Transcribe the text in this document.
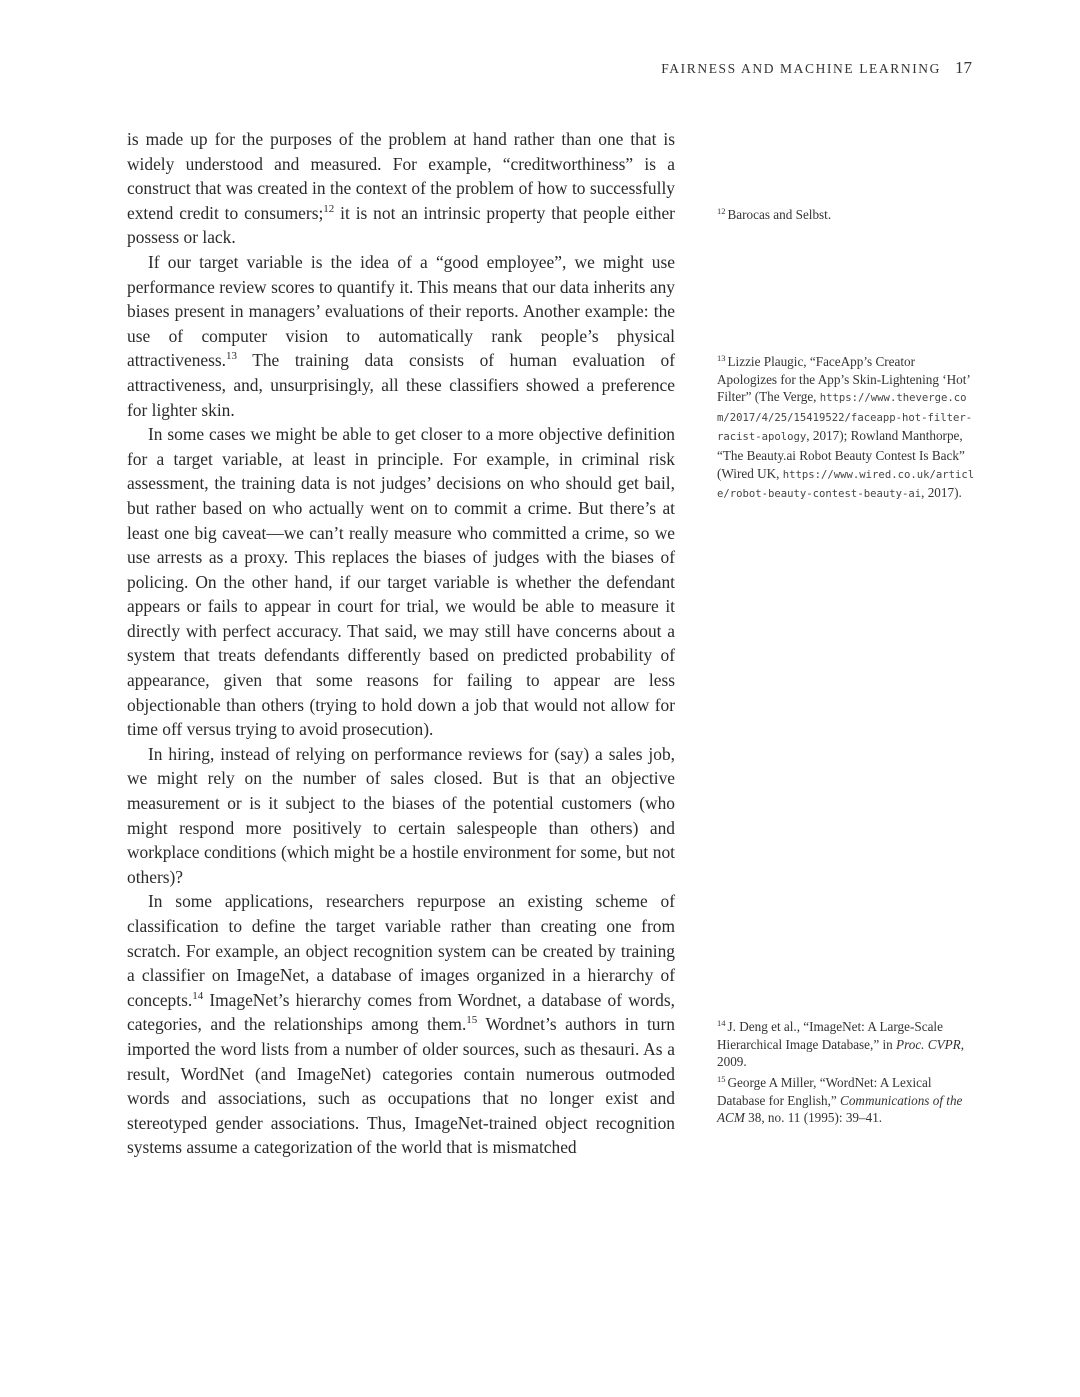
FAIRNESS AND MACHINE LEARNING 17

is made up for the purposes of the problem at hand rather than one that is widely understood and measured. For example, “creditworthiness” is a construct that was created in the context of the problem of how to successfully extend credit to consumers;$^{12}$ it is not an intrinsic property that people either possess or lack.

If our target variable is the idea of a “good employee”, we might use performance review scores to quantify it. This means that our data inherits any biases present in managers’ evaluations of their reports. Another example: the use of computer vision to automatically rank people’s physical attractiveness.$^{13}$ The training data consists of human evaluation of attractiveness, and, unsurprisingly, all these classifiers showed a preference for lighter skin.

In some cases we might be able to get closer to a more objective definition for a target variable, at least in principle. For example, in criminal risk assessment, the training data is not judges’ decisions on who should get bail, but rather based on who actually went on to commit a crime. But there’s at least one big caveat—we can’t really measure who committed a crime, so we use arrests as a proxy. This replaces the biases of judges with the biases of policing. On the other hand, if our target variable is whether the defendant appears or fails to appear in court for trial, we would be able to measure it directly with perfect accuracy. That said, we may still have concerns about a system that treats defendants differently based on predicted probability of appearance, given that some reasons for failing to appear are less objectionable than others (trying to hold down a job that would not allow for time off versus trying to avoid prosecution).

In hiring, instead of relying on performance reviews for (say) a sales job, we might rely on the number of sales closed. But is that an objective measurement or is it subject to the biases of the potential customers (who might respond more positively to certain salespeople than others) and workplace conditions (which might be a hostile environment for some, but not others)?

In some applications, researchers repurpose an existing scheme of classification to define the target variable rather than creating one from scratch. For example, an object recognition system can be created by training a classifier on ImageNet, a database of images organized in a hierarchy of concepts.$^{14}$ ImageNet’s hierarchy comes from Wordnet, a database of words, categories, and the relationships among them.$^{15}$ Wordnet’s authors in turn imported the word lists from a number of older sources, such as thesauri. As a result, WordNet (and ImageNet) categories contain numerous outmoded words and associations, such as occupations that no longer exist and stereotyped gender associations. Thus, ImageNet-trained object recognition systems assume a categorization of the world that is mismatched

$^{12}$ Barocas and Selbst.
$^{13}$ Lizzie Plaugic, “FaceApp’s Creator Apologizes for the App’s Skin-Lightening ‘Hot’ Filter” (The Verge, https://www.theverge.com/2017/4/25/15419522/faceapp-hot-filter-racist-apology, 2017); Rowland Manthorpe, “The Beauty.ai Robot Beauty Contest Is Back” (Wired UK, https://www.wired.co.uk/article/robot-beauty-contest-beauty-ai, 2017).
$^{14}$ J. Deng et al., “ImageNet: A Large-Scale Hierarchical Image Database,” in Proc. CVPR, 2009.
$^{15}$ George A Miller, “WordNet: A Lexical Database for English,” Communications of the ACM 38, no. 11 (1995): 39–41.
